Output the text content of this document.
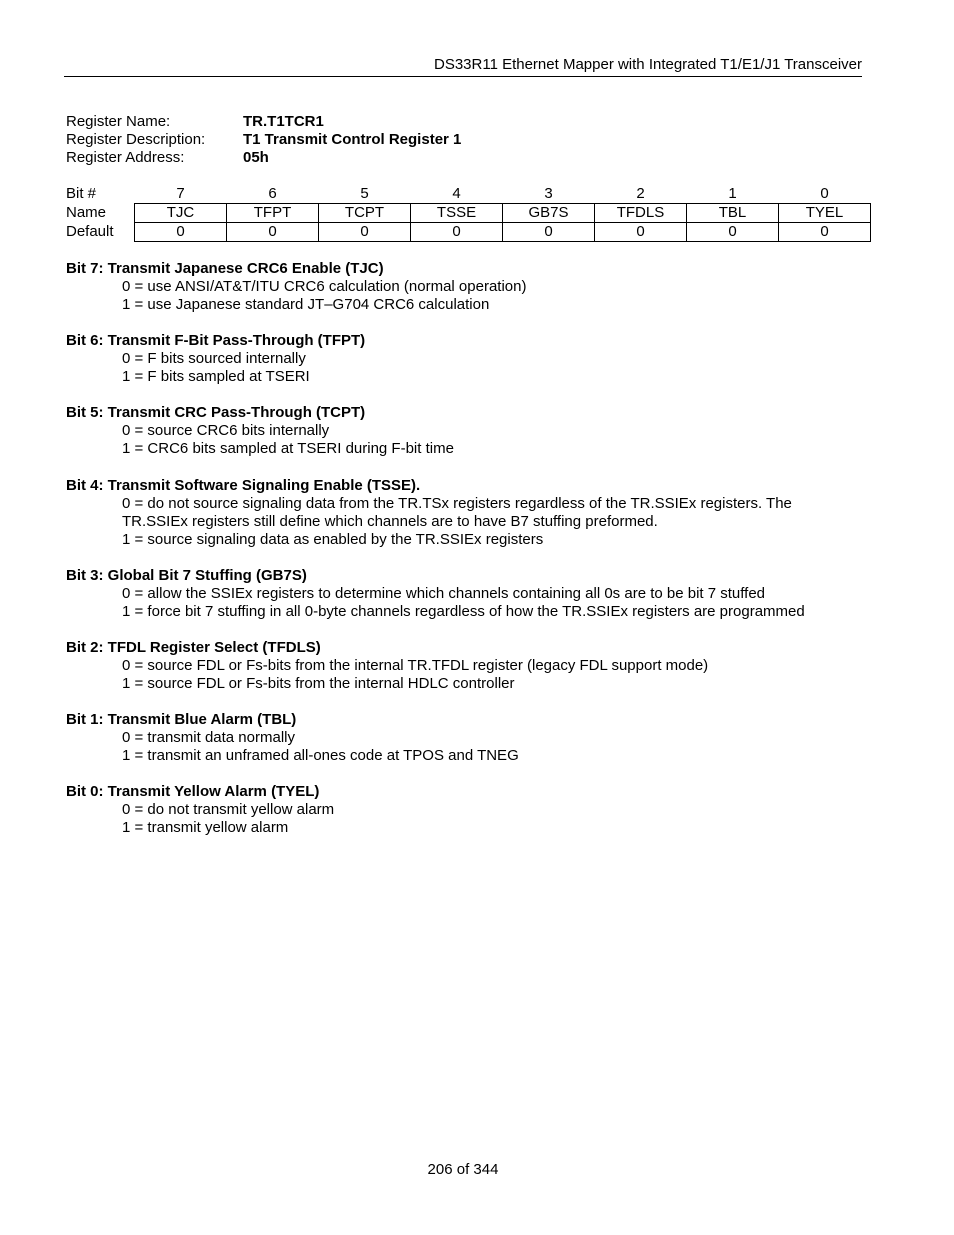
DS33R11 Ethernet Mapper with Integrated T1/E1/J1 Transceiver
Register Name:	TR.T1TCR1
Register Description:	T1 Transmit Control Register 1
Register Address:	05h
Bit #	7	6	5	4	3	2	1	0
Name	TJC	TFPT	TCPT	TSSE	GB7S	TFDLS	TBL	TYEL
Default	0	0	0	0	0	0	0	0
Bit 7: Transmit Japanese CRC6 Enable (TJC)
0 = use ANSI/AT&T/ITU CRC6 calculation (normal operation)
1 = use Japanese standard JT–G704 CRC6 calculation
Bit 6: Transmit F-Bit Pass-Through (TFPT)
0 = F bits sourced internally
1 = F bits sampled at TSERI
Bit 5: Transmit CRC Pass-Through (TCPT)
0 = source CRC6 bits internally
1 = CRC6 bits sampled at TSERI during F-bit time
Bit 4: Transmit Software Signaling Enable (TSSE).
0 = do not source signaling data from the TR.TSx registers regardless of the TR.SSIEx registers. The
TR.SSIEx registers still define which channels are to have B7 stuffing preformed.
1 = source signaling data as enabled by the TR.SSIEx registers
Bit 3: Global Bit 7 Stuffing (GB7S)
0 = allow the SSIEx registers to determine which channels containing all 0s are to be bit 7 stuffed
1 = force bit 7 stuffing in all 0-byte channels regardless of how the TR.SSIEx registers are programmed
Bit 2: TFDL Register Select (TFDLS)
0 = source FDL or Fs-bits from the internal TR.TFDL register (legacy FDL support mode)
1 = source FDL or Fs-bits from the internal HDLC controller
Bit 1: Transmit Blue Alarm (TBL)
0 = transmit data normally
1 = transmit an unframed all-ones code at TPOS and TNEG
Bit 0: Transmit Yellow Alarm (TYEL)
0 = do not transmit yellow alarm
1 = transmit yellow alarm
206 of 344
